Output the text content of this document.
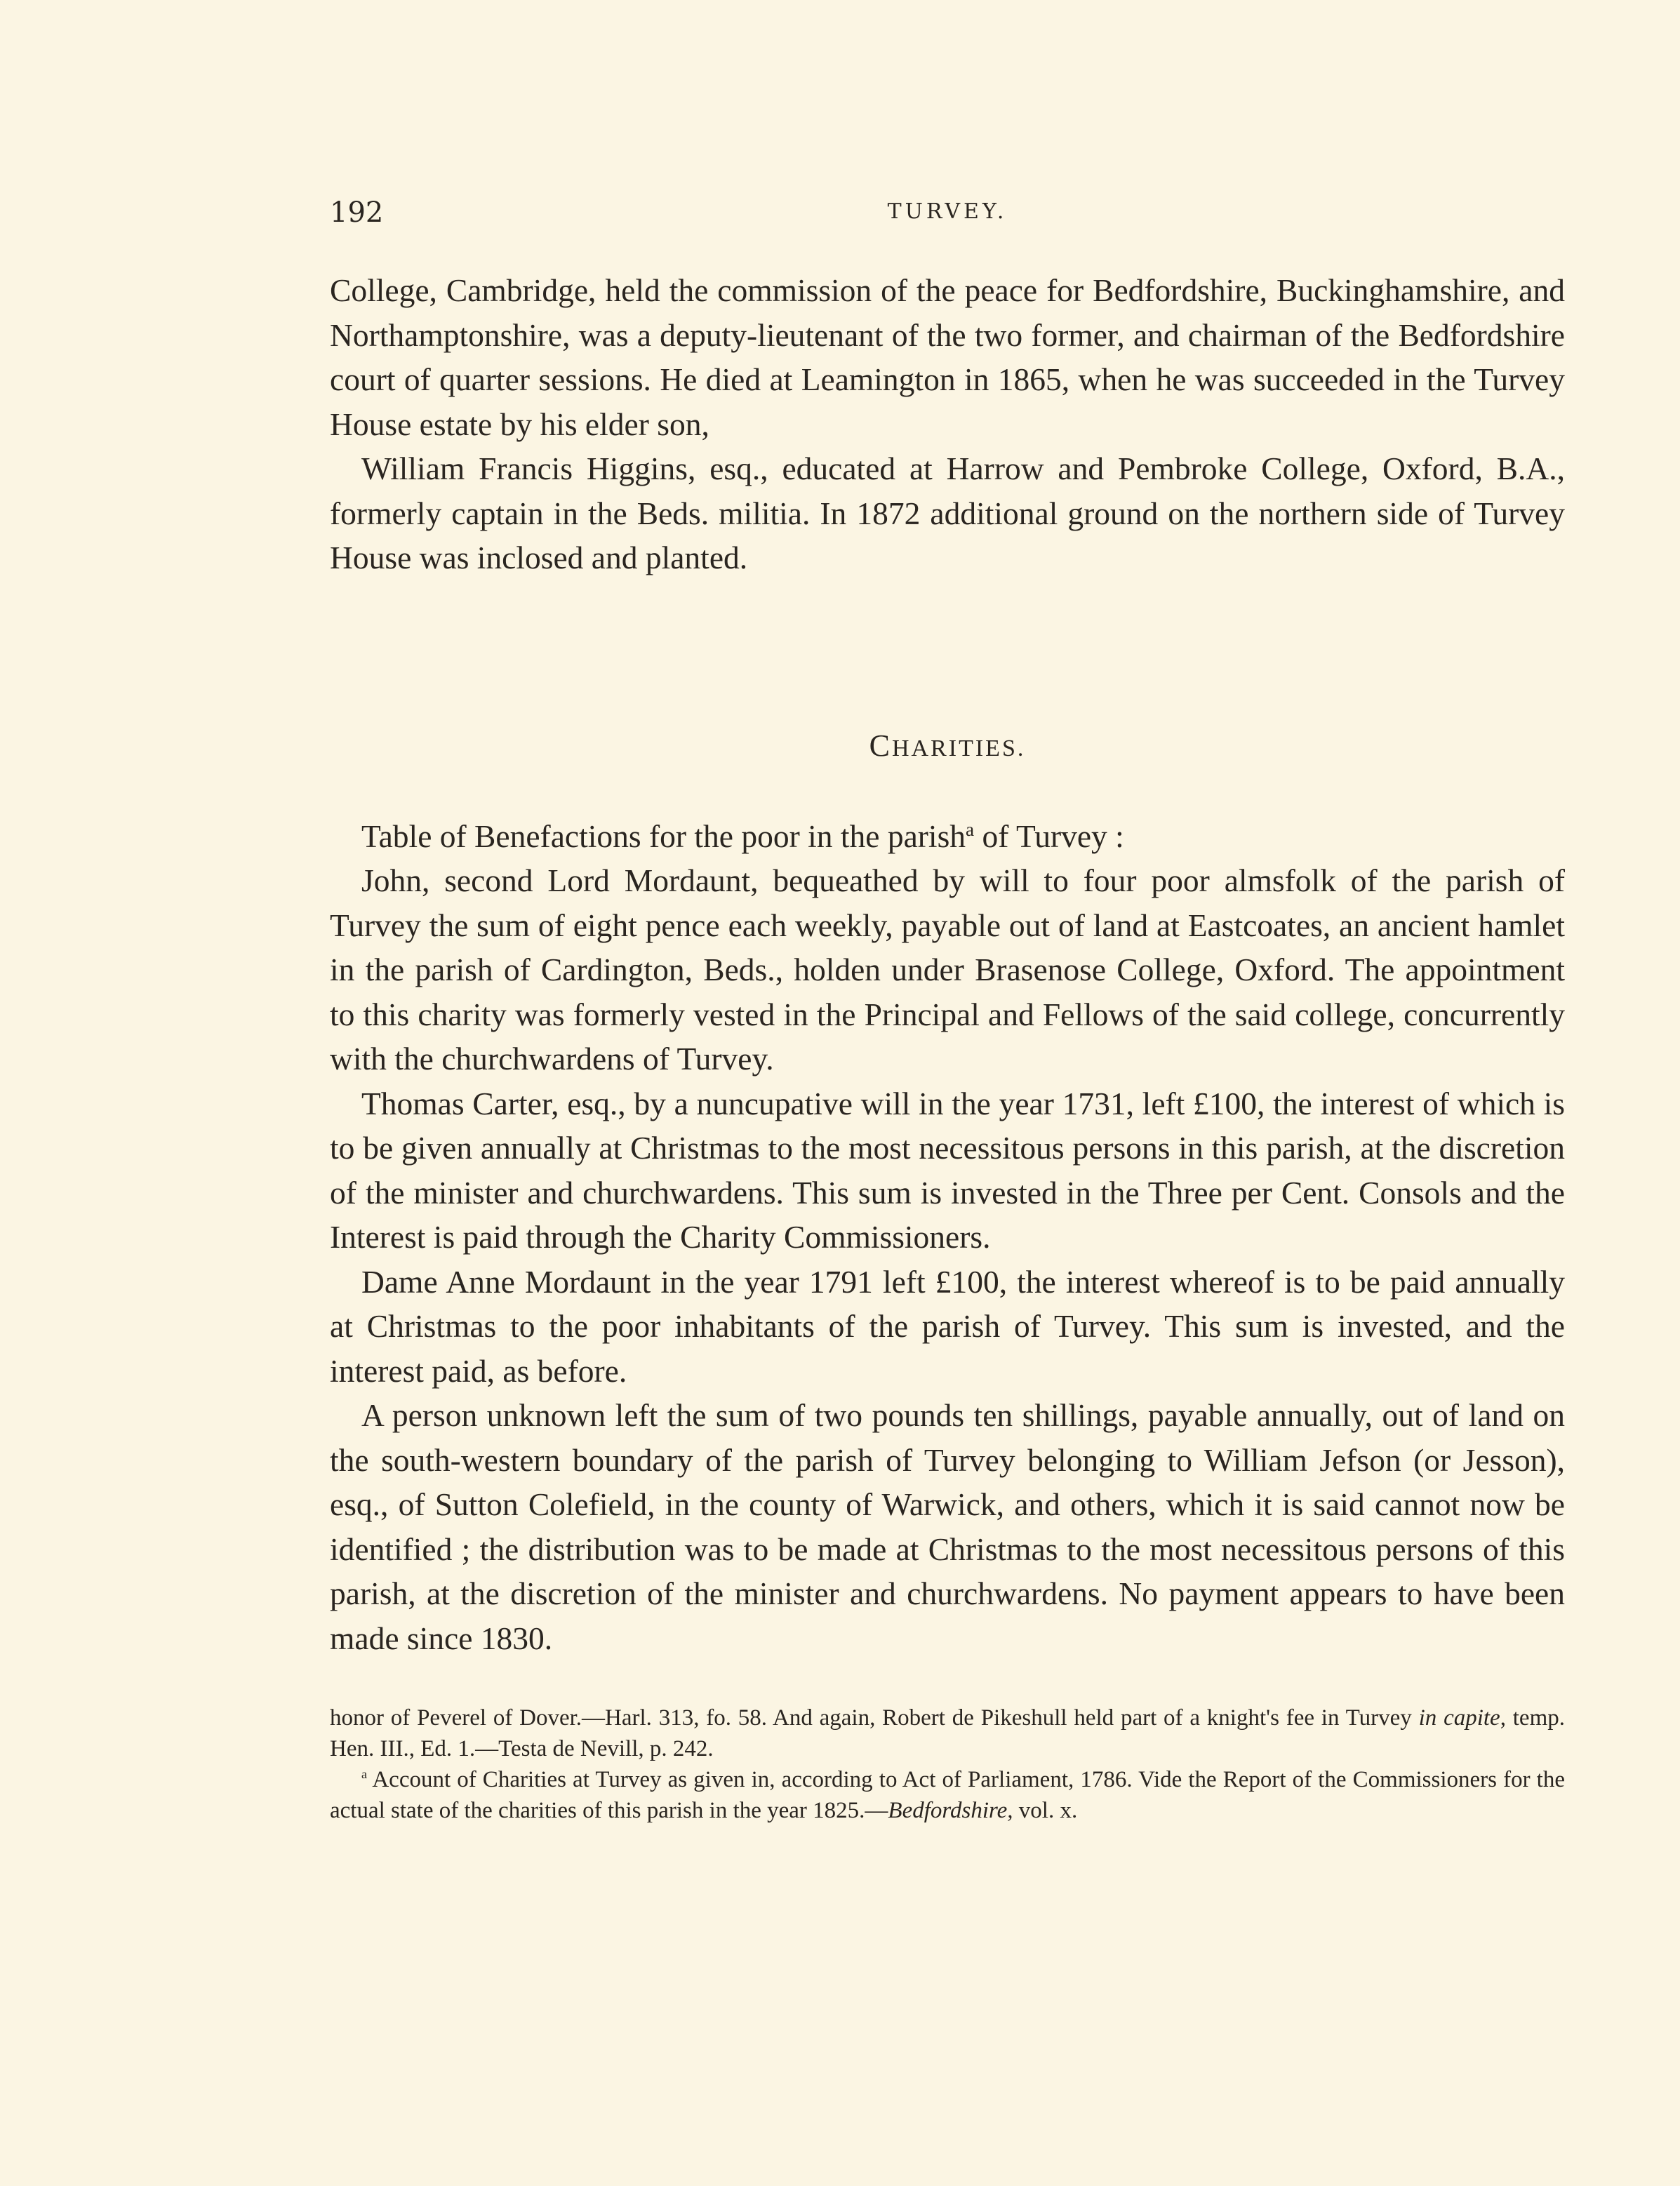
192	TURVEY.

College, Cambridge, held the commission of the peace for Bedfordshire, Buckinghamshire, and Northamptonshire, was a deputy-lieutenant of the two former, and chairman of the Bedfordshire court of quarter sessions. He died at Leamington in 1865, when he was succeeded in the Turvey House estate by his elder son,

William Francis Higgins, esq., educated at Harrow and Pembroke College, Oxford, B.A., formerly captain in the Beds. militia. In 1872 additional ground on the northern side of Turvey House was inclosed and planted.

CHARITIES.

Table of Benefactions for the poor in the parish$^a$ of Turvey :

John, second Lord Mordaunt, bequeathed by will to four poor almsfolk of the parish of Turvey the sum of eight pence each weekly, payable out of land at Eastcoates, an ancient hamlet in the parish of Cardington, Beds., holden under Brasenose College, Oxford. The appointment to this charity was formerly vested in the Principal and Fellows of the said college, concurrently with the churchwardens of Turvey.

Thomas Carter, esq., by a nuncupative will in the year 1731, left £100, the interest of which is to be given annually at Christmas to the most necessitous persons in this parish, at the discretion of the minister and churchwardens. This sum is invested in the Three per Cent. Consols and the Interest is paid through the Charity Commissioners.

Dame Anne Mordaunt in the year 1791 left £100, the interest whereof is to be paid annually at Christmas to the poor inhabitants of the parish of Turvey. This sum is invested, and the interest paid, as before.

A person unknown left the sum of two pounds ten shillings, payable annually, out of land on the south-western boundary of the parish of Turvey belonging to William Jefson (or Jesson), esq., of Sutton Colefield, in the county of Warwick, and others, which it is said cannot now be identified ; the distribution was to be made at Christmas to the most necessitous persons of this parish, at the discretion of the minister and churchwardens. No payment appears to have been made since 1830.

honor of Peverel of Dover.—Harl. 313, fo. 58. And again, Robert de Pikeshull held part of a knight's fee in Turvey in capite, temp. Hen. III., Ed. 1.—Testa de Nevill, p. 242.

$^a$ Account of Charities at Turvey as given in, according to Act of Parliament, 1786. Vide the Report of the Commissioners for the actual state of the charities of this parish in the year 1825.—Bedfordshire, vol. x.
